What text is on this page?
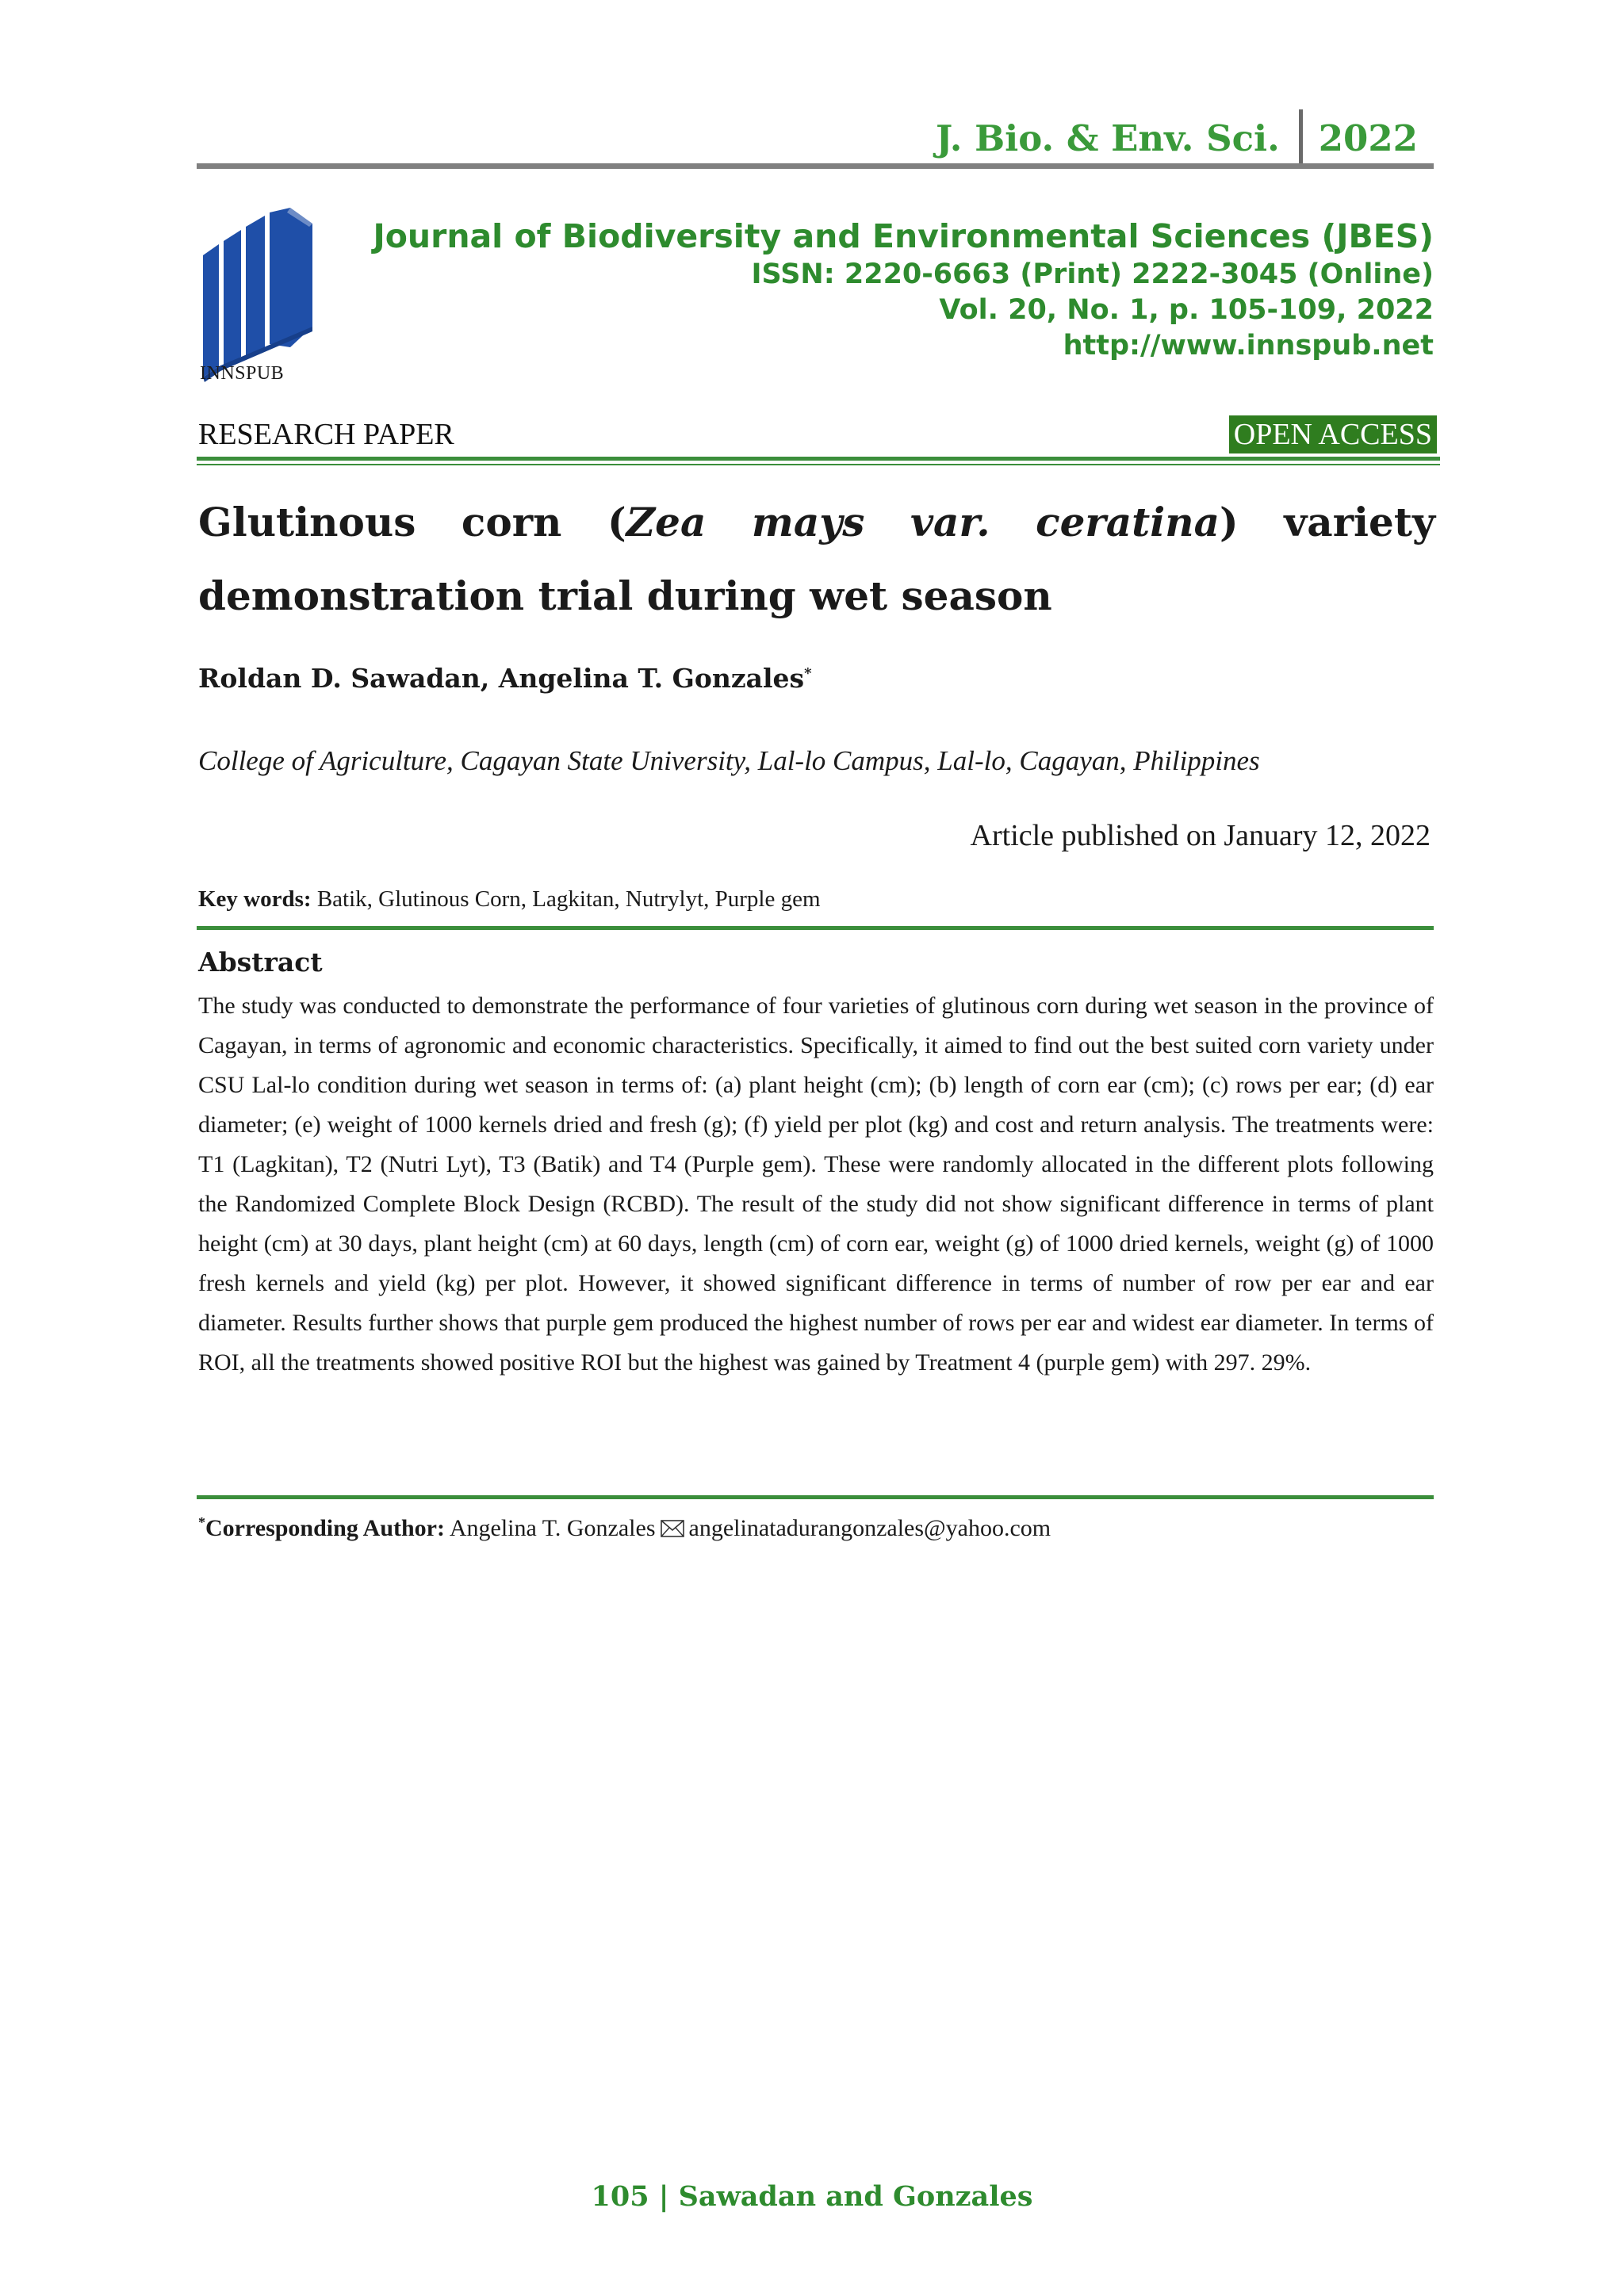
J. Bio. & Env. Sci.	2022
INNSPUB
Journal of Biodiversity and Environmental Sciences (JBES)
ISSN: 2220-6663 (Print) 2222-3045 (Online)
Vol. 20, No. 1, p. 105-109, 2022
http://www.innspub.net
RESEARCH PAPER	OPEN ACCESS
Glutinous corn (Zea mays var. ceratina) variety demonstration trial during wet season
Roldan D. Sawadan, Angelina T. Gonzales*
College of Agriculture, Cagayan State University, Lal-lo Campus, Lal-lo, Cagayan, Philippines
Article published on January 12, 2022
Key words: Batik, Glutinous Corn, Lagkitan, Nutrylyt, Purple gem
Abstract
The study was conducted to demonstrate the performance of four varieties of glutinous corn during wet season in the province of Cagayan, in terms of agronomic and economic characteristics. Specifically, it aimed to find out the best suited corn variety under CSU Lal-lo condition during wet season in terms of: (a) plant height (cm); (b) length of corn ear (cm); (c) rows per ear; (d) ear diameter; (e) weight of 1000 kernels dried and fresh (g); (f) yield per plot (kg) and cost and return analysis. The treatments were: T1 (Lagkitan), T2 (Nutri Lyt), T3 (Batik) and T4 (Purple gem). These were randomly allocated in the different plots following the Randomized Complete Block Design (RCBD). The result of the study did not show significant difference in terms of plant height (cm) at 30 days, plant height (cm) at 60 days, length (cm) of corn ear, weight (g) of 1000 dried kernels, weight (g) of 1000 fresh kernels and yield (kg) per plot. However, it showed significant difference in terms of number of row per ear and ear diameter. Results further shows that purple gem produced the highest number of rows per ear and widest ear diameter. In terms of ROI, all the treatments showed positive ROI but the highest was gained by Treatment 4 (purple gem) with 297. 29%.
*Corresponding Author: Angelina T. Gonzales angelinatadurangonzales@yahoo.com
105 | Sawadan and Gonzales
